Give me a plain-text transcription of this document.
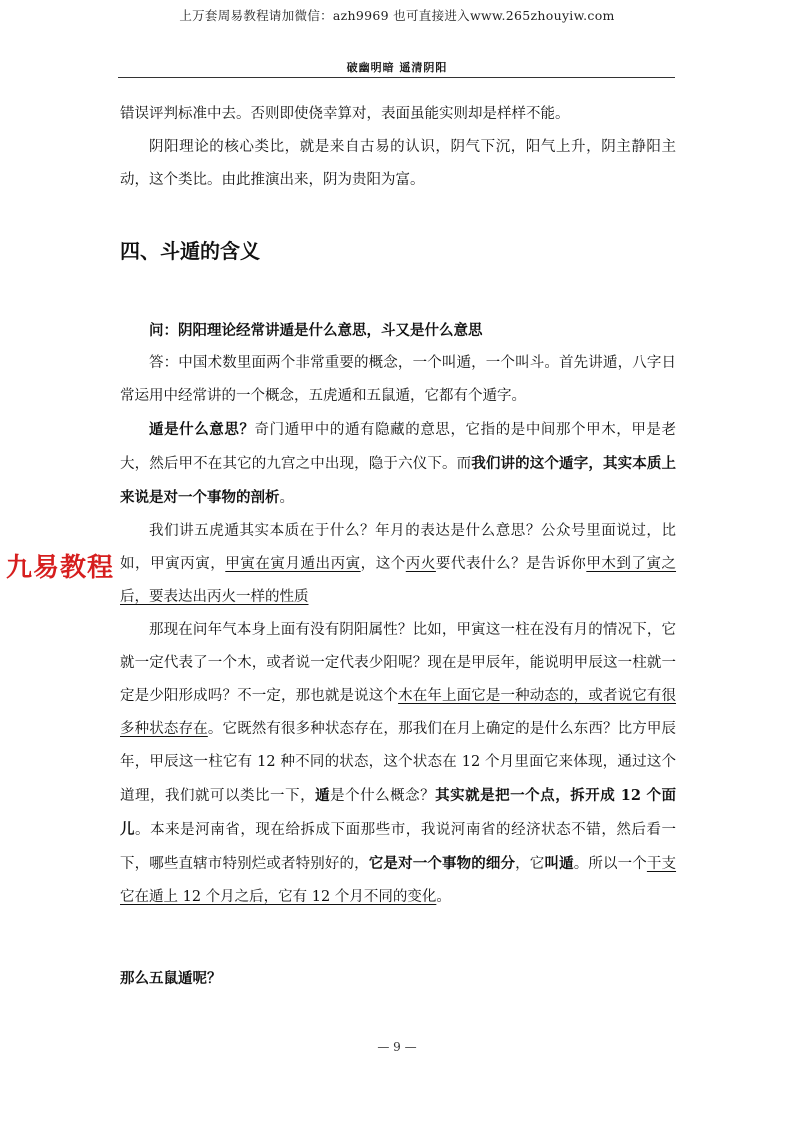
上万套周易教程请加微信：azh9969 也可直接进入www.265zhouyiw.com
破幽明暗 遥清阴阳

错误评判标准中去。否则即使侥幸算对，表面虽能实则却是样样不能。

阴阳理论的核心类比，就是来自古易的认识，阴气下沉，阳气上升，阴主静阳主动，这个类比。由此推演出来，阴为贵阳为富。

四、斗遁的含义

问：阴阳理论经常讲遁是什么意思，斗又是什么意思

答：中国术数里面两个非常重要的概念，一个叫遁，一个叫斗。首先讲遁，八字日常运用中经常讲的一个概念，五虎遁和五鼠遁，它都有个遁字。

遁是什么意思？奇门遁甲中的遁有隐藏的意思，它指的是中间那个甲木，甲是老大，然后甲不在其它的九宫之中出现，隐于六仪下。而我们讲的这个遁字，其实本质上来说是对一个事物的剖析。

我们讲五虎遁其实本质在于什么？年月的表达是什么意思？公众号里面说过，比如，甲寅丙寅，甲寅在寅月遁出丙寅，这个丙火要代表什么？是告诉你甲木到了寅之后，要表达出丙火一样的性质

那现在问年气本身上面有没有阴阳属性？比如，甲寅这一柱在没有月的情况下，它就一定代表了一个木，或者说一定代表少阳呢？现在是甲辰年，能说明甲辰这一柱就一定是少阳形成吗？不一定，那也就是说这个木在年上面它是一种动态的，或者说它有很多种状态存在。它既然有很多种状态存在，那我们在月上确定的是什么东西？比方甲辰年，甲辰这一柱它有 12 种不同的状态，这个状态在 12 个月里面它来体现，通过这个道理，我们就可以类比一下，遁是个什么概念？其实就是把一个点，拆开成 12 个面儿。本来是河南省，现在给拆成下面那些市，我说河南省的经济状态不错，然后看一下，哪些直辖市特别烂或者特别好的，它是对一个事物的细分，它叫遁。所以一个干支它在遁上 12 个月之后，它有 12 个月不同的变化。

那么五鼠遁呢？
九易教程
— 9 —
